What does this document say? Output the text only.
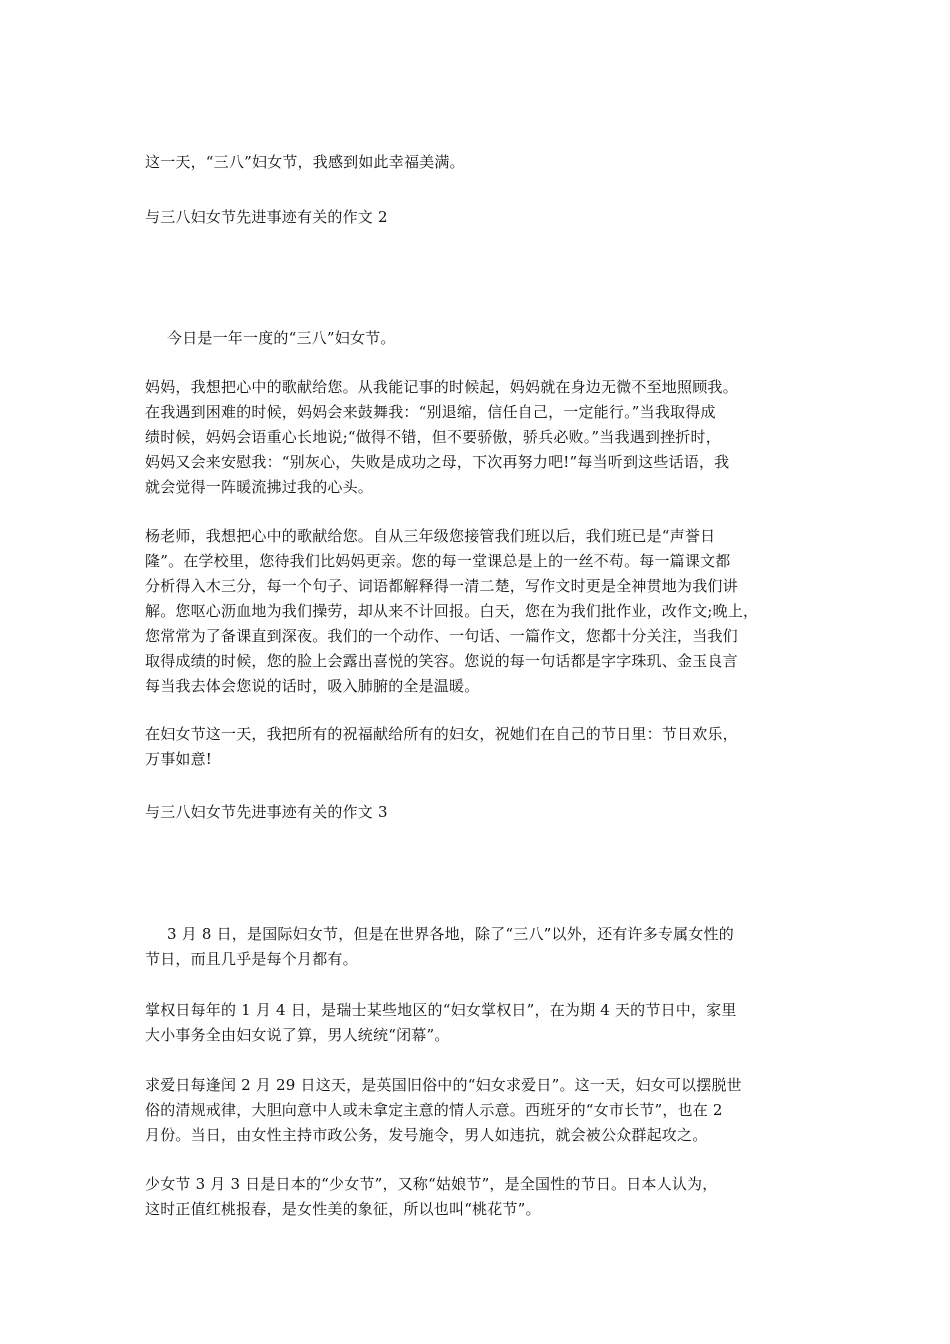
这一天，“三八”妇女节，我感到如此幸福美满。

与三八妇女节先进事迹有关的作文 2

今日是一年一度的“三八”妇女节。

妈妈，我想把心中的歌献给您。从我能记事的时候起，妈妈就在身边无微不至地照顾我。
在我遇到困难的时候，妈妈会来鼓舞我：“别退缩，信任自己，一定能行。”当我取得成
绩时候，妈妈会语重心长地说;“做得不错，但不要骄傲，骄兵必败。”当我遇到挫折时，
妈妈又会来安慰我：“别灰心，失败是成功之母，下次再努力吧!”每当听到这些话语，我
就会觉得一阵暖流拂过我的心头。

杨老师，我想把心中的歌献给您。自从三年级您接管我们班以后，我们班已是“声誉日
隆”。在学校里，您待我们比妈妈更亲。您的每一堂课总是上的一丝不苟。每一篇课文都
分析得入木三分，每一个句子、词语都解释得一清二楚，写作文时更是全神贯地为我们讲
解。您呕心沥血地为我们操劳，却从来不计回报。白天，您在为我们批作业，改作文;晚上，
您常常为了备课直到深夜。我们的一个动作、一句话、一篇作文，您都十分关注，当我们
取得成绩的时候，您的脸上会露出喜悦的笑容。您说的每一句话都是字字珠玑、金玉良言
每当我去体会您说的话时，吸入肺腑的全是温暖。

在妇女节这一天，我把所有的祝福献给所有的妇女，祝她们在自己的节日里：节日欢乐，
万事如意!

与三八妇女节先进事迹有关的作文 3

3 月 8 日，是国际妇女节，但是在世界各地，除了“三八”以外，还有许多专属女性的
节日，而且几乎是每个月都有。

掌权日每年的 1 月 4 日，是瑞士某些地区的“妇女掌权日”，在为期 4 天的节日中，家里
大小事务全由妇女说了算，男人统统“闭幕”。

求爱日每逢闰 2 月 29 日这天，是英国旧俗中的“妇女求爱日”。这一天，妇女可以摆脱世
俗的清规戒律，大胆向意中人或未拿定主意的情人示意。西班牙的“女市长节”，也在 2
月份。当日，由女性主持市政公务，发号施令，男人如违抗，就会被公众群起攻之。

少女节 3 月 3 日是日本的“少女节”，又称“姑娘节”，是全国性的节日。日本人认为，
这时正值红桃报春，是女性美的象征，所以也叫“桃花节”。
